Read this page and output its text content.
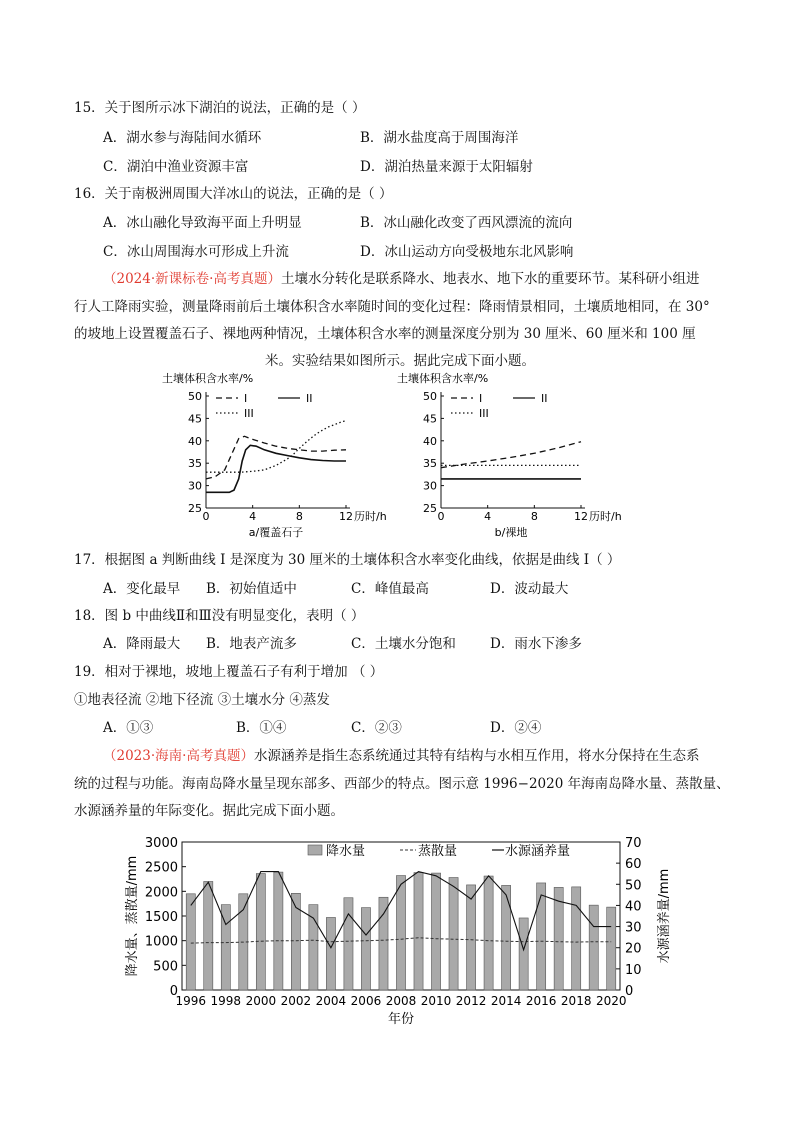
15．关于图所示冰下湖泊的说法，正确的是（ ）
A．湖水参与海陆间水循环	B．湖水盐度高于周围海洋
C．湖泊中渔业资源丰富	D．湖泊热量来源于太阳辐射
16．关于南极洲周围大洋冰山的说法，正确的是（ ）
A．冰山融化导致海平面上升明显	B．冰山融化改变了西风漂流的流向
C．冰山周围海水可形成上升流	D．冰山运动方向受极地东北风影响
（2024·新课标卷·高考真题）土壤水分转化是联系降水、地表水、地下水的重要环节。某科研小组进
行人工降雨实验，测量降雨前后土壤体积含水率随时间的变化过程：降雨情景相同，土壤质地相同，在 30°
的坡地上设置覆盖石子、裸地两种情况，土壤体积含水率的测量深度分别为 30 厘米、60 厘米和 100 厘
米。实验结果如图所示。据此完成下面小题。
土壤体积含水率/%
25
30
35
40
45
50
0	4	8	12 历时/h
a/覆盖石子
I	II
III
土壤体积含水率/%
25
30
35
40
45
50
0	4	8	12 历时/h
b/裸地
I	II
III
17．根据图 a 判断曲线 I 是深度为 30 厘米的土壤体积含水率变化曲线，依据是曲线 I（ ）
A．变化最早 B．初始值适中	C．峰值最高	D．波动最大
18．图 b 中曲线Ⅱ和Ⅲ没有明显变化，表明（ ）
A．降雨最大 B．地表产流多	C．土壤水分饱和	D．雨水下渗多
19．相对于裸地，坡地上覆盖石子有利于增加 （ ）
①地表径流 ②地下径流 ③土壤水分 ④蒸发
A．①③	B．①④	C．②③	D．②④
（2023·海南·高考真题）水源涵养是指生态系统通过其特有结构与水相互作用，将水分保持在生态系
统的过程与功能。海南岛降水量呈现东部多、西部少的特点。图示意 1996−2020 年海南岛降水量、蒸散量、
水源涵养量的年际变化。据此完成下面小题。
0
500
1000
1500
2000
2500
3000
0
10
20
30
40
50
60
70
1996 1998 2000 2002 2004 2006 2008 2010 2012 2014 2016 2018 2020
年份
降水量、蒸散量/mm	水源涵养量/mm
降水量	蒸散量	水源涵养量
